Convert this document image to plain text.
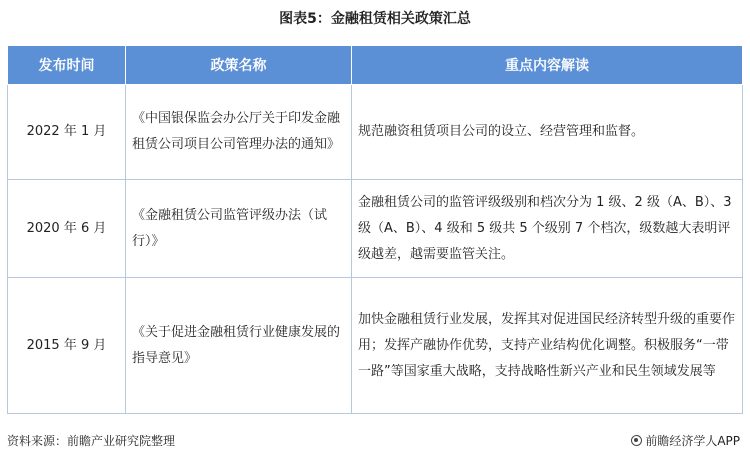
图表5：金融租赁相关政策汇总
发布时间	政策名称	重点内容解读
2022 年 1 月	《中国银保监会办公厅关于印发金融租赁公司项目公司管理办法的通知》	规范融资租赁项目公司的设立、经营管理和监督。
2020 年 6 月	《金融租赁公司监管评级办法（试行）》	金融租赁公司的监管评级级别和档次分为 1 级、2 级（A、B）、3 级（A、B）、4 级和 5 级共 5 个级别 7 个档次，级数越大表明评级越差，越需要监管关注。
2015 年 9 月	《关于促进金融租赁行业健康发展的指导意见》	加快金融租赁行业发展，发挥其对促进国民经济转型升级的重要作用；发挥产融协作优势，支持产业结构优化调整。积极服务“一带一路”等国家重大战略，支持战略性新兴产业和民生领域发展等
资料来源：前瞻产业研究院整理	前瞻经济学人APP
